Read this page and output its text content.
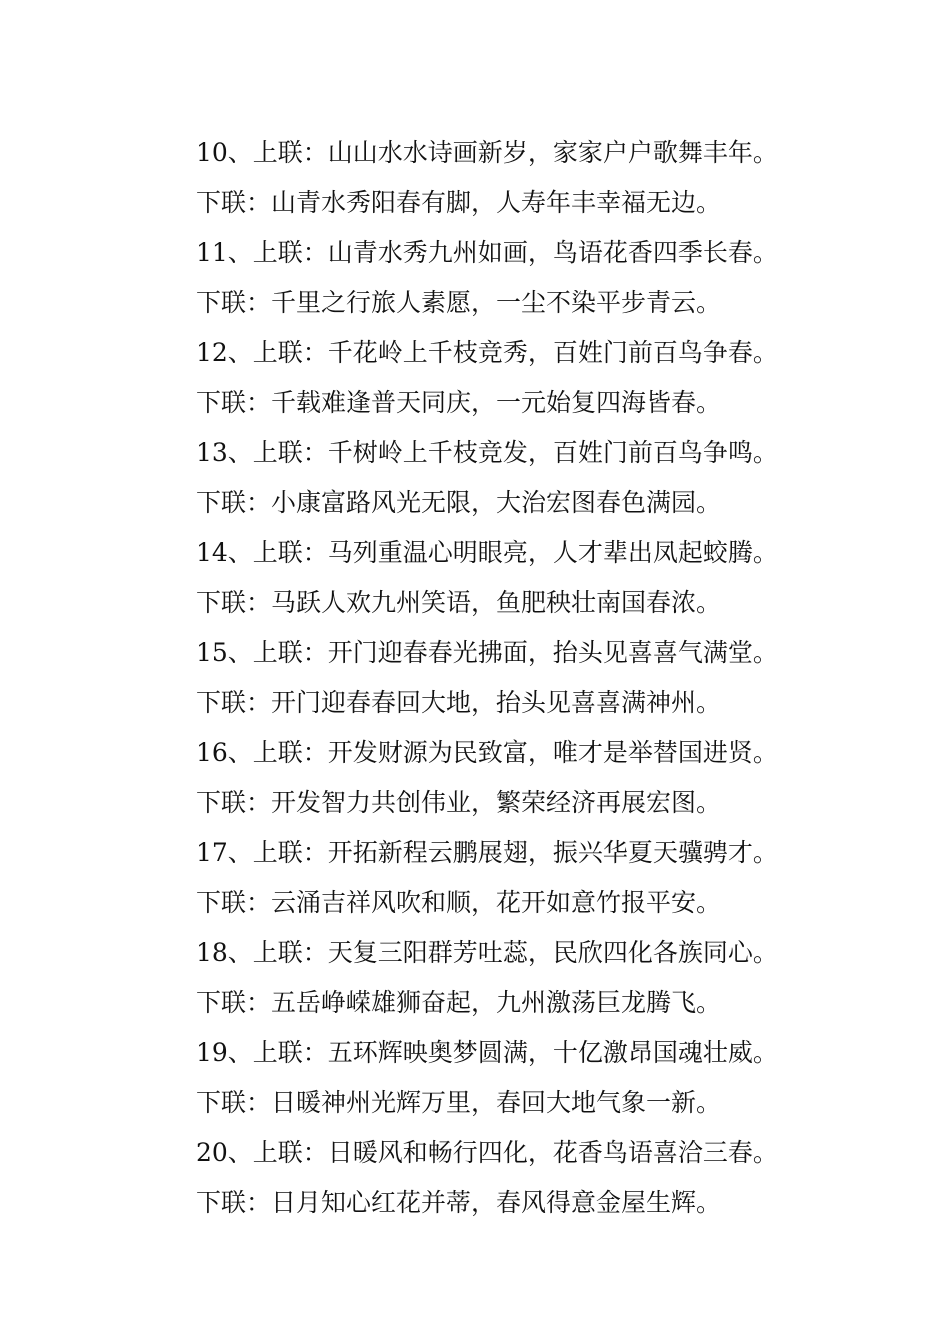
10、上联：山山水水诗画新岁，家家户户歌舞丰年。
下联：山青水秀阳春有脚，人寿年丰幸福无边。
11、上联：山青水秀九州如画，鸟语花香四季长春。
下联：千里之行旅人素愿，一尘不染平步青云。
12、上联：千花岭上千枝竞秀，百姓门前百鸟争春。
下联：千载难逢普天同庆，一元始复四海皆春。
13、上联：千树岭上千枝竞发，百姓门前百鸟争鸣。
下联：小康富路风光无限，大治宏图春色满园。
14、上联：马列重温心明眼亮，人才辈出凤起蛟腾。
下联：马跃人欢九州笑语，鱼肥秧壮南国春浓。
15、上联：开门迎春春光拂面，抬头见喜喜气满堂。
下联：开门迎春春回大地，抬头见喜喜满神州。
16、上联：开发财源为民致富，唯才是举替国进贤。
下联：开发智力共创伟业，繁荣经济再展宏图。
17、上联：开拓新程云鹏展翅，振兴华夏天骥骋才。
下联：云涌吉祥风吹和顺，花开如意竹报平安。
18、上联：天复三阳群芳吐蕊，民欣四化各族同心。
下联：五岳峥嵘雄狮奋起，九州激荡巨龙腾飞。
19、上联：五环辉映奥梦圆满，十亿激昂国魂壮威。
下联：日暖神州光辉万里，春回大地气象一新。
20、上联：日暖风和畅行四化，花香鸟语喜洽三春。
下联：日月知心红花并蒂，春风得意金屋生辉。
